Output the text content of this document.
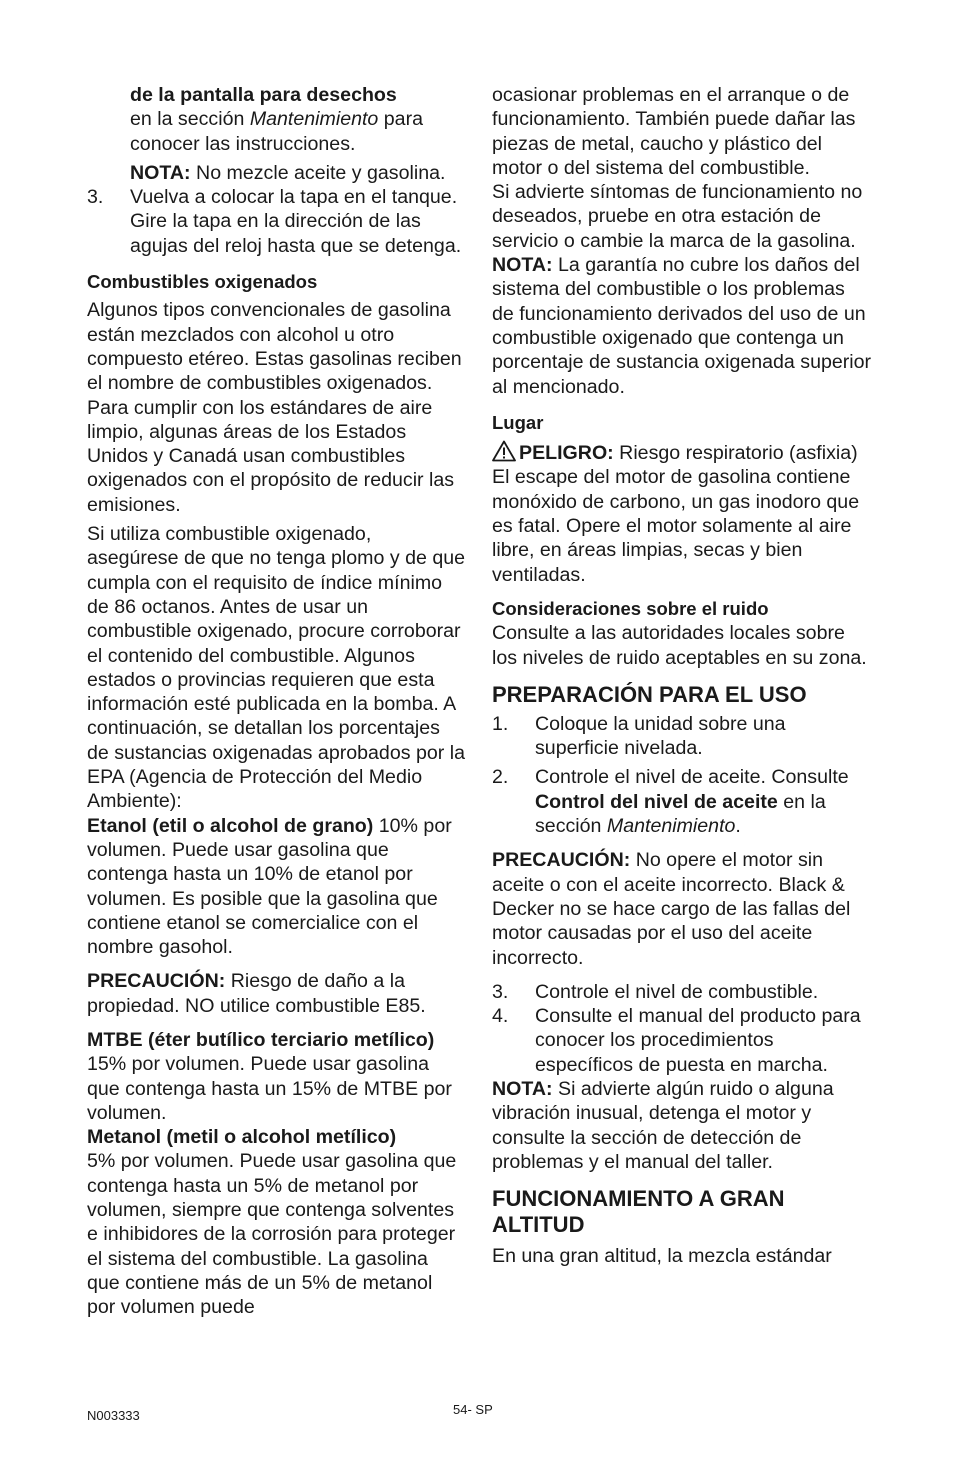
de la pantalla para desechos
en la sección Mantenimiento para conocer las instrucciones.

NOTA: No mezcle aceite y gasolina.

3.	Vuelva a colocar la tapa en el tanque. Gire la tapa en la dirección de las agujas del reloj hasta que se detenga.

Combustibles oxigenados

Algunos tipos convencionales de gasolina están mezclados con alcohol u otro compuesto etéreo. Estas gasolinas reciben el nombre de combustibles oxigenados. Para cumplir con los estándares de aire limpio, algunas áreas de los Estados Unidos y Canadá usan combustibles oxigenados con el propósito de reducir las emisiones.

Si utiliza combustible oxigenado, asegúrese de que no tenga plomo y de que cumpla con el requisito de índice mínimo de 86 octanos. Antes de usar un combustible oxigenado, procure corroborar el contenido del combustible. Algunos estados o provincias requieren que esta información esté publicada en la bomba. A continuación, se detallan los porcentajes de sustancias oxigenadas aprobados por la EPA (Agencia de Protección del Medio Ambiente):

Etanol (etil o alcohol de grano) 10% por volumen. Puede usar gasolina que contenga hasta un 10% de etanol por volumen. Es posible que la gasolina que contiene etanol se comercialice con el nombre gasohol.

PRECAUCIÓN: Riesgo de daño a la propiedad. NO utilice combustible E85.

MTBE (éter butílico terciario metílico) 15% por volumen. Puede usar gasolina que contenga hasta un 15% de MTBE por volumen.

Metanol (metil o alcohol metílico)

5% por volumen. Puede usar gasolina que contenga hasta un 5% de metanol por volumen, siempre que contenga solventes e inhibidores de la corrosión para proteger el sistema del combustible. La gasolina que contiene más de un 5% de metanol por volumen puede

ocasionar problemas en el arranque o de funcionamiento. También puede dañar las piezas de metal, caucho y plástico del motor o del sistema del combustible.

Si advierte síntomas de funcionamiento no deseados, pruebe en otra estación de servicio o cambie la marca de la gasolina.

NOTA: La garantía no cubre los daños del sistema del combustible o los problemas de funcionamiento derivados del uso de un combustible oxigenado que contenga un porcentaje de sustancia oxigenada superior al mencionado.

Lugar

PELIGRO: Riesgo respiratorio (asfixia) El escape del motor de gasolina contiene monóxido de carbono, un gas inodoro que es fatal. Opere el motor solamente al aire libre, en áreas limpias, secas y bien ventiladas.

Consideraciones sobre el ruido

Consulte a las autoridades locales sobre los niveles de ruido aceptables en su zona.

PREPARACIÓN PARA EL USO

1.	Coloque la unidad sobre una superficie nivelada.
2.	Controle el nivel de aceite. Consulte Control del nivel de aceite en la sección Mantenimiento.

PRECAUCIÓN: No opere el motor sin aceite o con el aceite incorrecto. Black & Decker no se hace cargo de las fallas del motor causadas por el uso del aceite incorrecto.

3.	Controle el nivel de combustible.
4.	Consulte el manual del producto para conocer los procedimientos específicos de puesta en marcha.

NOTA: Si advierte algún ruido o alguna vibración inusual, detenga el motor y consulte la sección de detección de problemas y el manual del taller.

FUNCIONAMIENTO A GRAN ALTITUD

En una gran altitud, la mezcla estándar

N003333	54- SP
